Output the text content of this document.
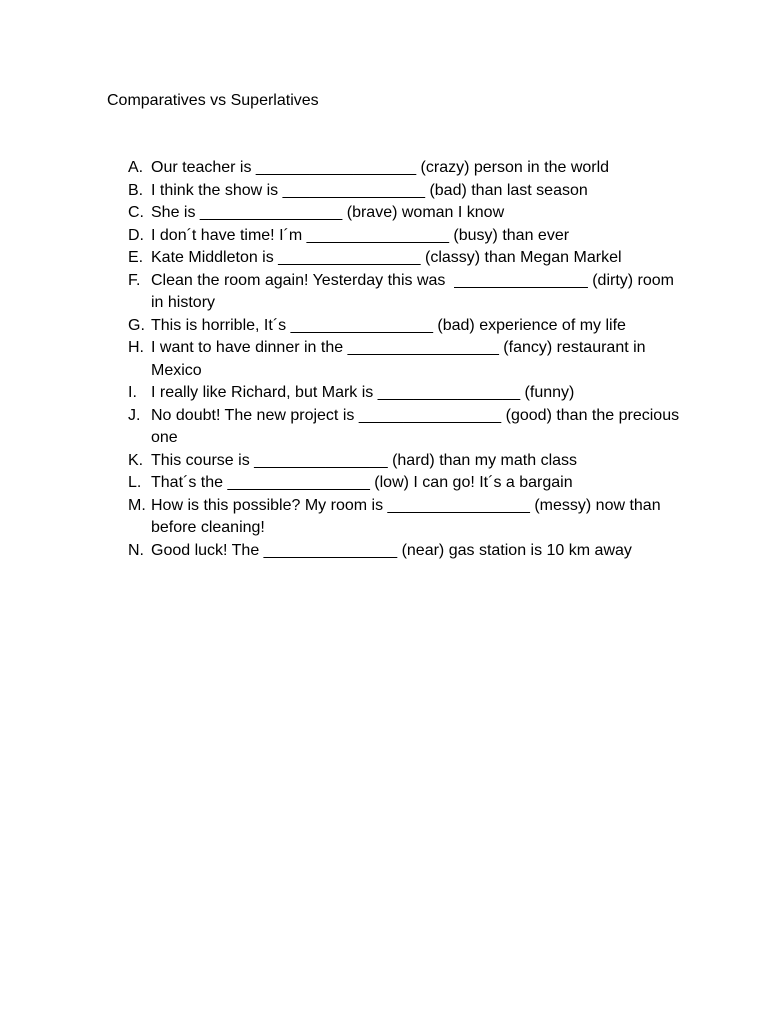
Comparatives vs Superlatives
A. Our teacher is __________________ (crazy) person in the world
B. I think the show is ________________ (bad) than last season
C. She is ________________ (brave) woman I know
D. I don´t have time! I´m ________________ (busy) than ever
E. Kate Middleton is ________________ (classy) than Megan Markel
F. Clean the room again! Yesterday this was  _______________ (dirty) room in history
G. This is horrible, It´s ________________ (bad) experience of my life
H. I want to have dinner in the _________________ (fancy) restaurant in Mexico
I. I really like Richard, but Mark is ________________ (funny)
J. No doubt! The new project is ________________ (good) than the precious one
K. This course is _______________ (hard) than my math class
L. That´s the ________________ (low) I can go! It´s a bargain
M. How is this possible? My room is ________________ (messy) now than before cleaning!
N. Good luck! The _______________ (near) gas station is 10 km away
